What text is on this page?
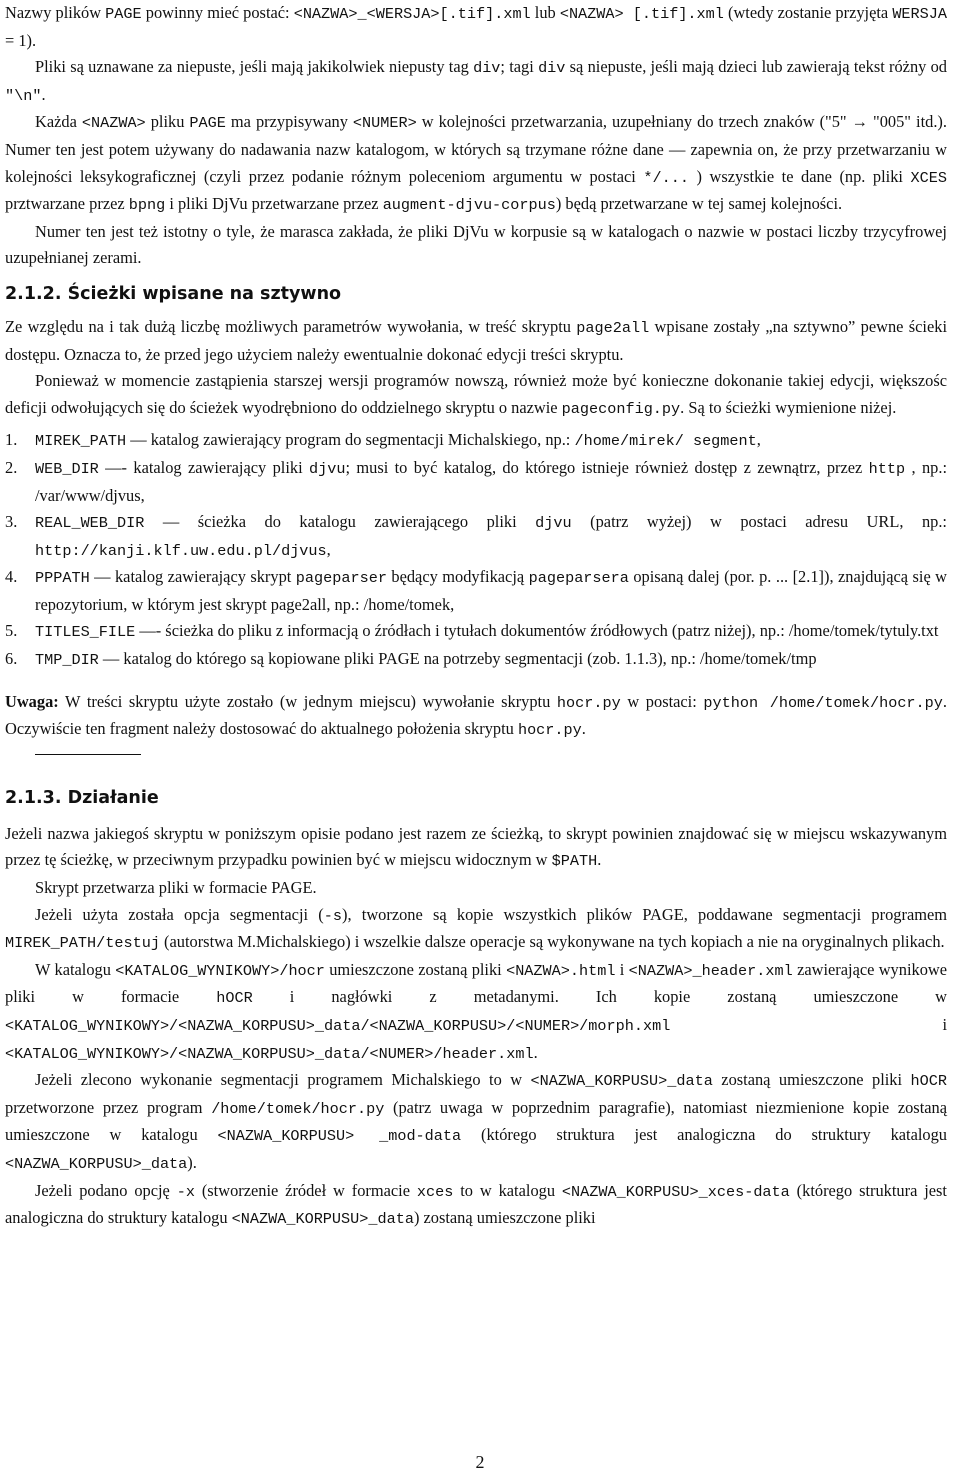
Nazwy plików PAGE powinny mieć postać: <NAZWA>_<WERSJA>[.tif].xml lub <NAZWA> [.tif].xml (wtedy zostanie przyjęta WERSJA = 1).

Pliki są uznawane za niepuste, jeśli mają jakikolwiek niepusty tag div; tagi div są niepuste, jeśli mają dzieci lub zawierają tekst różny od "\n".

Każda <NAZWA> pliku PAGE ma przypisywany <NUMER> w kolejności przetwarzania, uzupełniany do trzech znaków ("5" → "005" itd.). Numer ten jest potem używany do nadawania nazw katalogom, w których są trzymane różne dane — zapewnia on, że przy przetwarzaniu w kolejności leksykograficznej (czyli przez podanie różnym poleceniom argumentu w postaci */... ) wszystkie te dane (np. pliki XCES prztwarzane przez bpng i pliki DjVu przetwarzane przez augment-djvu-corpus) będą przetwarzane w tej samej kolejności.

Numer ten jest też istotny o tyle, że marasca zakłada, że pliki DjVu w korpusie są w katalogach o nazwie w postaci liczby trzycyfrowej uzupełnianej zerami.

2.1.2. Ścieżki wpisane na sztywno

Ze względu na i tak dużą liczbę możliwych parametrów wywołania, w treść skryptu page2all wpisane zostały „na sztywno” pewne ścieki dostępu. Oznacza to, że przed jego użyciem należy ewentualnie dokonać edycji treści skryptu.

Ponieważ w momencie zastąpienia starszej wersji programów nowszą, również może być konieczne dokonanie takiej edycji, większośc deficji odwołujących się do ścieżek wyodrębniono do oddzielnego skryptu o nazwie pageconfig.py. Są to ścieżki wymienione niżej.

1. MIREK_PATH — katalog zawierający program do segmentacji Michalskiego, np.: /home/mirek/ segment,
2. WEB_DIR —- katalog zawierający pliki djvu; musi to być katalog, do którego istnieje również dostęp z zewnątrz, przez http , np.: /var/www/djvus,
3. REAL_WEB_DIR — ścieżka do katalogu zawierającego pliki djvu (patrz wyżej) w postaci adresu URL, np.: http://kanji.klf.uw.edu.pl/djvus,
4. PPPATH — katalog zawierający skrypt pageparser będący modyfikacją pageparsera opisaną dalej (por. p. ... [2.1]), znajdującą się w repozytorium, w którym jest skrypt page2all, np.: /home/tomek,
5. TITLES_FILE —- ścieżka do pliku z informacją o źródłach i tytułach dokumentów źródłowych (patrz niżej), np.: /home/tomek/tytuly.txt
6. TMP_DIR — katalog do którego są kopiowane pliki PAGE na potrzeby segmentacji (zob. 1.1.3), np.: /home/tomek/tmp

Uwaga: W treści skryptu użyte zostało (w jednym miejscu) wywołanie skryptu hocr.py w postaci: python /home/tomek/hocr.py. Oczywiście ten fragment należy dostosować do aktualnego położenia skryptu hocr.py.

2.1.3. Działanie

Jeżeli nazwa jakiegoś skryptu w poniższym opisie podano jest razem ze ścieżką, to skrypt powinien znajdować się w miejscu wskazywanym przez tę ścieżkę, w przeciwnym przypadku powinien być w miejscu widocznym w $PATH.

Skrypt przetwarza pliki w formacie PAGE.

Jeżeli użyta została opcja segmentacji (-s), tworzone są kopie wszystkich plików PAGE, poddawane segmentacji programem MIREK_PATH/testuj (autorstwa M.Michalskiego) i wszelkie dalsze operacje są wykonywane na tych kopiach a nie na oryginalnych plikach.

W katalogu <KATALOG_WYNIKOWY>/hocr umieszczone zostaną pliki <NAZWA>.html i <NAZWA>_header.xml zawierające wynikowe pliki w formacie hOCR i nagłówki z metadanymi. Ich kopie zostaną umieszczone w <KATALOG_WYNIKOWY>/<NAZWA_KORPUSU>_data/<NAZWA_KORPUSU>/<NUMER>/morph.xml i <KATALOG_WYNIKOWY>/<NAZWA_KORPUSU>_data/<NUMER>/header.xml.

Jeżeli zlecono wykonanie segmentacji programem Michalskiego to w <NAZWA_KORPUSU>_data zostaną umieszczone pliki hOCR przetworzone przez program /home/tomek/hocr.py (patrz uwaga w poprzednim paragrafie), natomiast niezmienione kopie zostaną umieszczone w katalogu <NAZWA_KORPUSU> _mod-data (którego struktura jest analogiczna do struktury katalogu <NAZWA_KORPUSU>_data).

Jeżeli podano opcję -x (stworzenie źródeł w formacie xces to w katalogu <NAZWA_KORPUSU>_xces-data (którego struktura jest analogiczna do struktury katalogu <NAZWA_KORPUSU>_data) zostaną umieszczone pliki

2
